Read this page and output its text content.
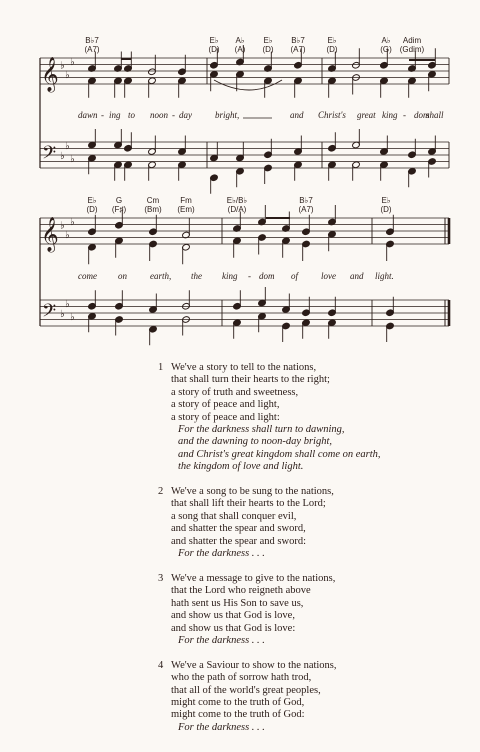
𝄞
𝄢
♭
♭
♭
♭
♭
♭
𝄞
𝄢
♭
♭
♭
♭
♭
♭
B♭7
(A7)
E♭
(D)
A♭
(A)
E♭
(D)
B♭7
(A7)
E♭
(D)
A♭
(G)
Adim
(Gdim)
dawn - ing to noon - day	bright,	and Christ's great king - dom
shall
E♭
(D)
G
(F♯)
Cm
(Bm)
Fm
(Em)
E♭/B♭
(D/A)
B♭7
(A7)
E♭
(D)
come on	earth, the king - dom of	love and light.
1 We've a story to tell to the nations,
that shall turn their hearts to the right;
a story of truth and sweetness,
a story of peace and light,
a story of peace and light:
For the darkness shall turn to dawning,
and the dawning to noon-day bright,
and Christ's great kingdom shall come on earth,
the kingdom of love and light.
2 We've a song to be sung to the nations,
that shall lift their hearts to the Lord;
a song that shall conquer evil,
and shatter the spear and sword,
and shatter the spear and sword:
For the darkness . . .
3 We've a message to give to the nations,
that the Lord who reigneth above
hath sent us His Son to save us,
and show us that God is love,
and show us that God is love:
For the darkness . . .
4 We've a Saviour to show to the nations,
who the path of sorrow hath trod,
that all of the world's great peoples,
might come to the truth of God,
might come to the truth of God:
For the darkness . . .
